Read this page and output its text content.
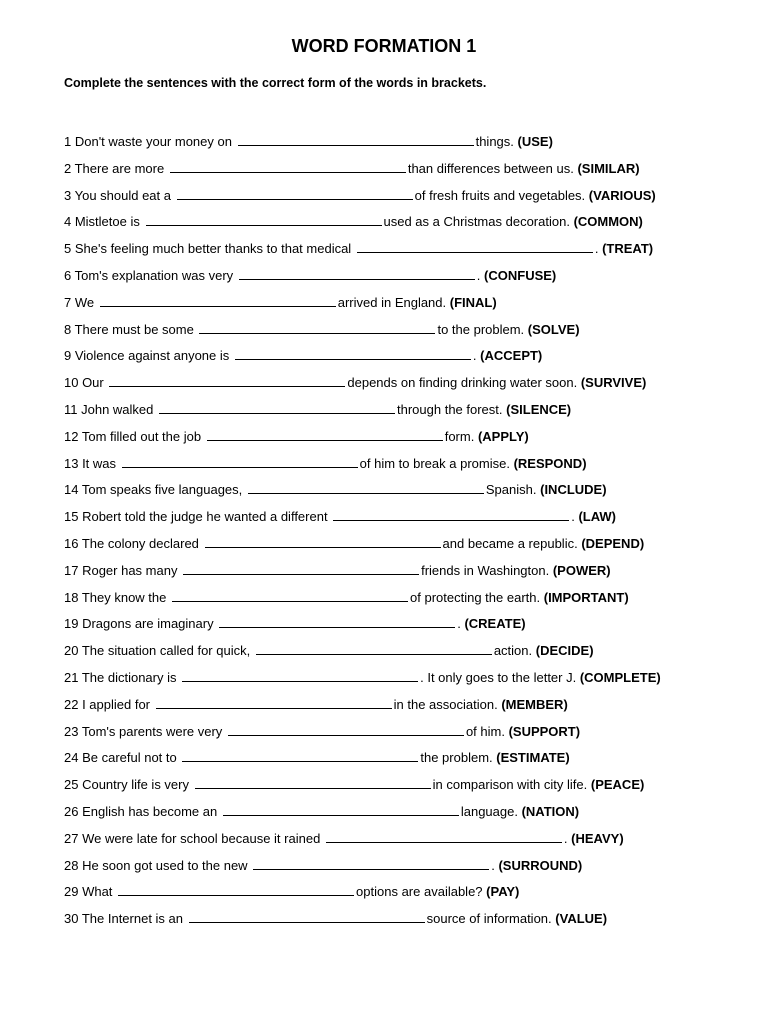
WORD FORMATION 1
Complete the sentences with the correct form of the words in brackets.
1 Don't waste your money on	things. (USE)
2 There are more	than differences between us. (SIMILAR)
3 You should eat a	of fresh fruits and vegetables. (VARIOUS)
4 Mistletoe is	used as a Christmas decoration. (COMMON)
5 She's feeling much better thanks to that medical	. (TREAT)
6 Tom's explanation was very	. (CONFUSE)
7 We	arrived in England. (FINAL)
8 There must be some	to the problem. (SOLVE)
9 Violence against anyone is	. (ACCEPT)
10 Our	depends on finding drinking water soon. (SURVIVE)
11 John walked	through the forest. (SILENCE)
12 Tom filled out the job	form. (APPLY)
13 It was	of him to break a promise. (RESPOND)
14 Tom speaks five languages,	Spanish. (INCLUDE)
15 Robert told the judge he wanted a different	. (LAW)
16 The colony declared	and became a republic. (DEPEND)
17 Roger has many	friends in Washington. (POWER)
18 They know the	of protecting the earth. (IMPORTANT)
19 Dragons are imaginary	. (CREATE)
20 The situation called for quick,	action. (DECIDE)
21 The dictionary is	. It only goes to the letter J. (COMPLETE)
22 I applied for	in the association. (MEMBER)
23 Tom's parents were very	of him. (SUPPORT)
24 Be careful not to	the problem. (ESTIMATE)
25 Country life is very	in comparison with city life. (PEACE)
26 English has become an	language. (NATION)
27 We were late for school because it rained	. (HEAVY)
28 He soon got used to the new	. (SURROUND)
29 What	options are available? (PAY)
30 The Internet is an	source of information. (VALUE)
